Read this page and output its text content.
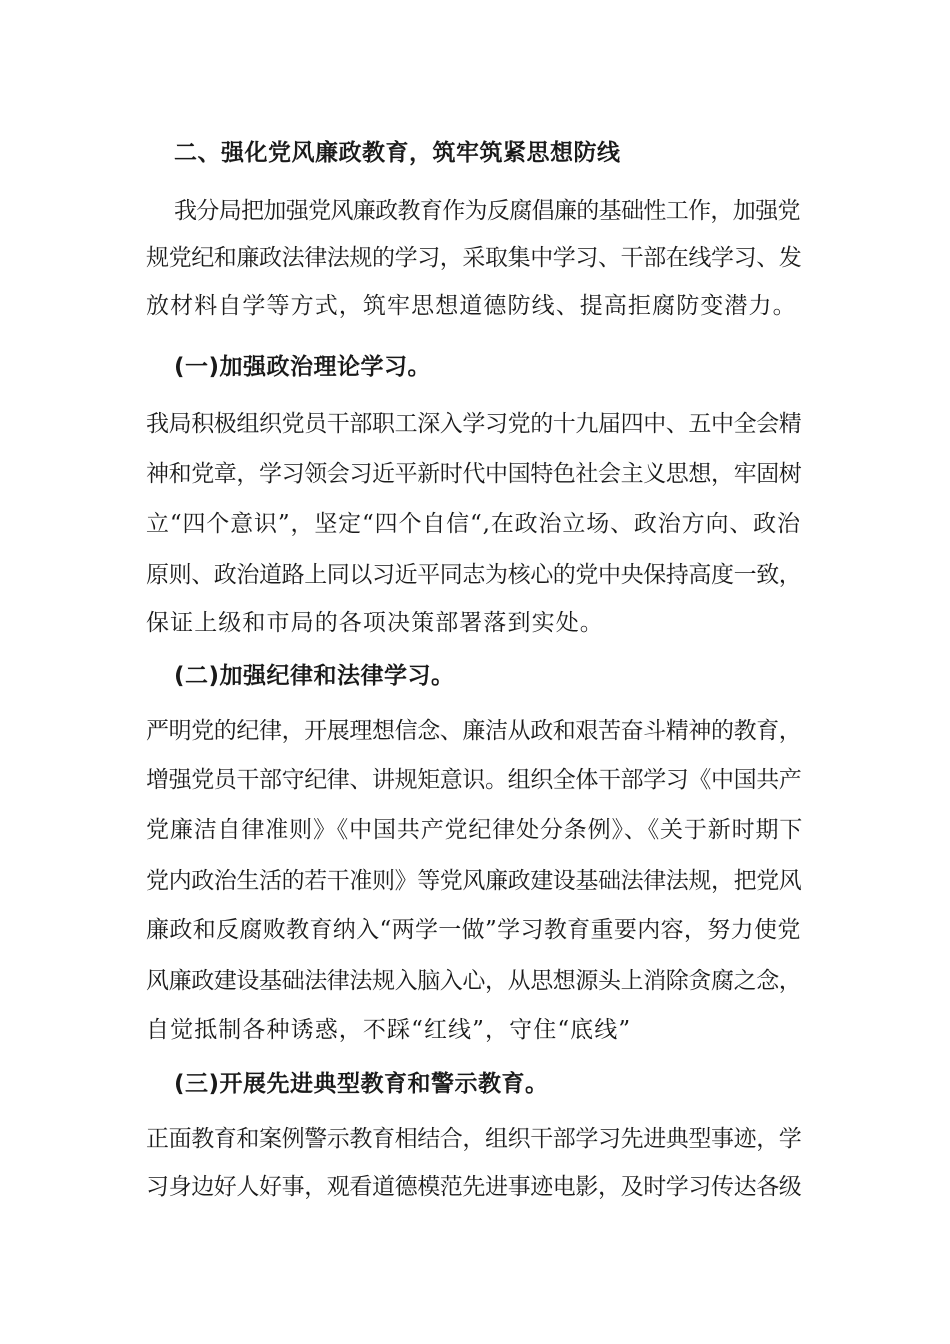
二、强化党风廉政教育，筑牢筑紧思想防线
我分局把加强党风廉政教育作为反腐倡廉的基础性工作，加强党
规党纪和廉政法律法规的学习，采取集中学习、干部在线学习、发
放材料自学等方式，筑牢思想道德防线、提高拒腐防变潜力。
(一)加强政治理论学习。
我局积极组织党员干部职工深入学习党的十九届四中、五中全会精
神和党章，学习领会习近平新时代中国特色社会主义思想，牢固树
立“四个意识”，坚定“四个自信“,在政治立场、政治方向、政治
原则、政治道路上同以习近平同志为核心的党中央保持高度一致，
保证上级和市局的各项决策部署落到实处。
(二)加强纪律和法律学习。
严明党的纪律，开展理想信念、廉洁从政和艰苦奋斗精神的教育，
增强党员干部守纪律、讲规矩意识。组织全体干部学习《中国共产
党廉洁自律准则》《中国共产党纪律处分条例》、《关于新时期下
党内政治生活的若干准则》等党风廉政建设基础法律法规，把党风
廉政和反腐败教育纳入“两学一做”学习教育重要内容，努力使党
风廉政建设基础法律法规入脑入心，从思想源头上消除贪腐之念，
自觉抵制各种诱惑，不踩“红线”，守住“底线”
(三)开展先进典型教育和警示教育。
正面教育和案例警示教育相结合，组织干部学习先进典型事迹，学
习身边好人好事，观看道德模范先进事迹电影，及时学习传达各级
